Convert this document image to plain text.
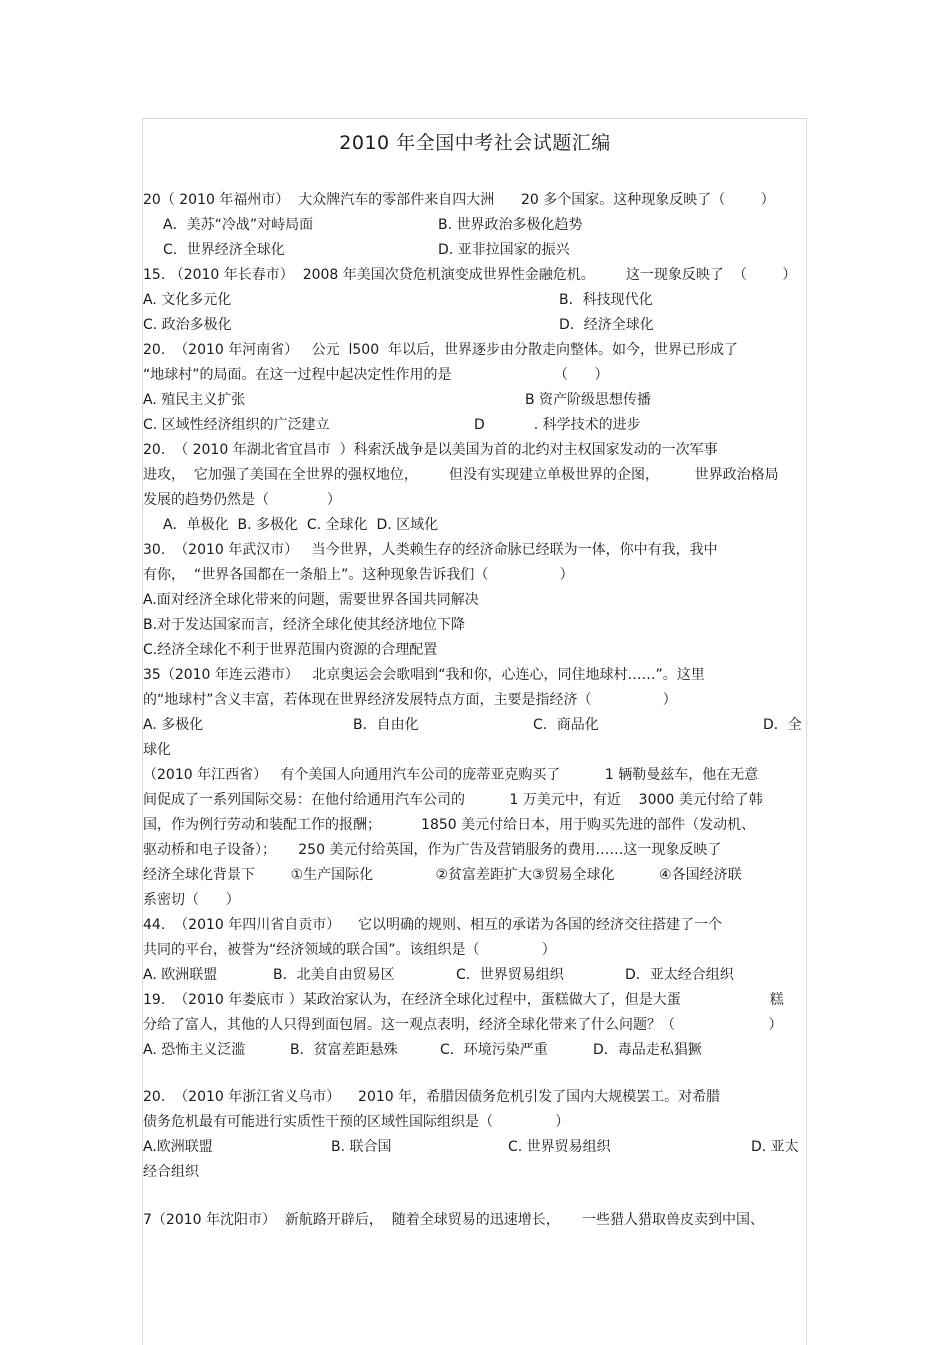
2010 年全国中考社会试题汇编
20（ 2010 年福州市）  大众牌汽车的零部件来自四大洲      20 多个国家。这种现象反映了（        ）

A．美苏“冷战”对峙局面

	B. 世界政治多极化趋势

C．世界经济全球化

	D. 亚非拉国家的振兴

15. （2010 年长春市）  2008 年美国次贷危机演变成世界性金融危机。       这一现象反映了  （        ）

A. 文化多元化

	B．科技现代化

C. 政治多极化

	D．经济全球化

20.  （2010 年河南省）   公元  l500  年以后，世界逐步由分散走向整体。如今，世界已形成了
“地球村”的局面。在这一过程中起决定性作用的是                       （      ）

A. 殖民主义扩张

	B 资产阶级思想传播

C. 区域性经济组织的广泛建立

	D           . 科学技术的进步

20.  （ 2010 年湖北省宜昌市  ）科索沃战争是以美国为首的北约对主权国家发动的一次军事
进攻，  它加强了美国在全世界的强权地位，       但没有实现建立单极世界的企图，        世界政治格局
发展的趋势仍然是（             ）
A．单极化  B. 多极化  C. 全球化  D. 区域化
30.  （2010 年武汉市）   当今世界，人类赖生存的经济命脉已经联为一体，你中有我，我中
有你，  “世界各国都在一条船上”。这种现象告诉我们（                ）
A.面对经济全球化带来的问题，需要世界各国共同解决
B.对于发达国家而言，经济全球化使其经济地位下降
C.经济全球化不利于世界范围内资源的合理配置
35（2010 年连云港市）   北京奥运会会歌唱到“我和你，心连心，同住地球村……”。这里
的“地球村”含义丰富，若体现在世界经济发展特点方面，主要是指经济（                ）

A. 多极化

	B．自由化

	C．商品化

	D．全

球化
（2010 年江西省）   有个美国人向通用汽车公司的庞蒂亚克购买了          1 辆勒曼兹车，他在无意
间促成了一系列国际交易：在他付给通用汽车公司的          1 万美元中，有近    3000 美元付给了韩
国，作为例行劳动和装配工作的报酬；         1850 美元付给日本，用于购买先进的部件（发动机、
驱动桥和电子设备）；     250 美元付给英国，作为广告及营销服务的费用……这一现象反映了
经济全球化背景下        ①生产国际化              ②贫富差距扩大③贸易全球化          ④各国经济联
系密切（      ）
44.  （2010 年四川省自贡市）    它以明确的规则、相互的承诺为各国的经济交往搭建了一个
共同的平台，被誉为“经济领域的联合国”。该组织是（              ）

A. 欧洲联盟

	B．北美自由贸易区

	C．世界贸易组织

	D．亚太经合组织

19.  （2010 年娄底市 ）某政治家认为，在经济全球化过程中，蛋糕做大了，但是大蛋                    糕
分给了富人，其他的人只得到面包屑。这一观点表明，经济全球化带来了什么问题？（                     ）

A. 恐怖主义泛滥

	B．贫富差距悬殊

	C．环境污染严重

	D．毒品走私猖獗

20.  （2010 年浙江省义乌市）    2010 年，希腊因债务危机引发了国内大规模罢工。对希腊
债务危机最有可能进行实质性干预的区域性国际组织是（              ）

A.欧洲联盟

	B. 联合国

	C. 世界贸易组织

	D. 亚太

经合组织
7（2010 年沈阳市）  新航路开辟后，  随着全球贸易的迅速增长，     一些猎人猎取兽皮卖到中国、
